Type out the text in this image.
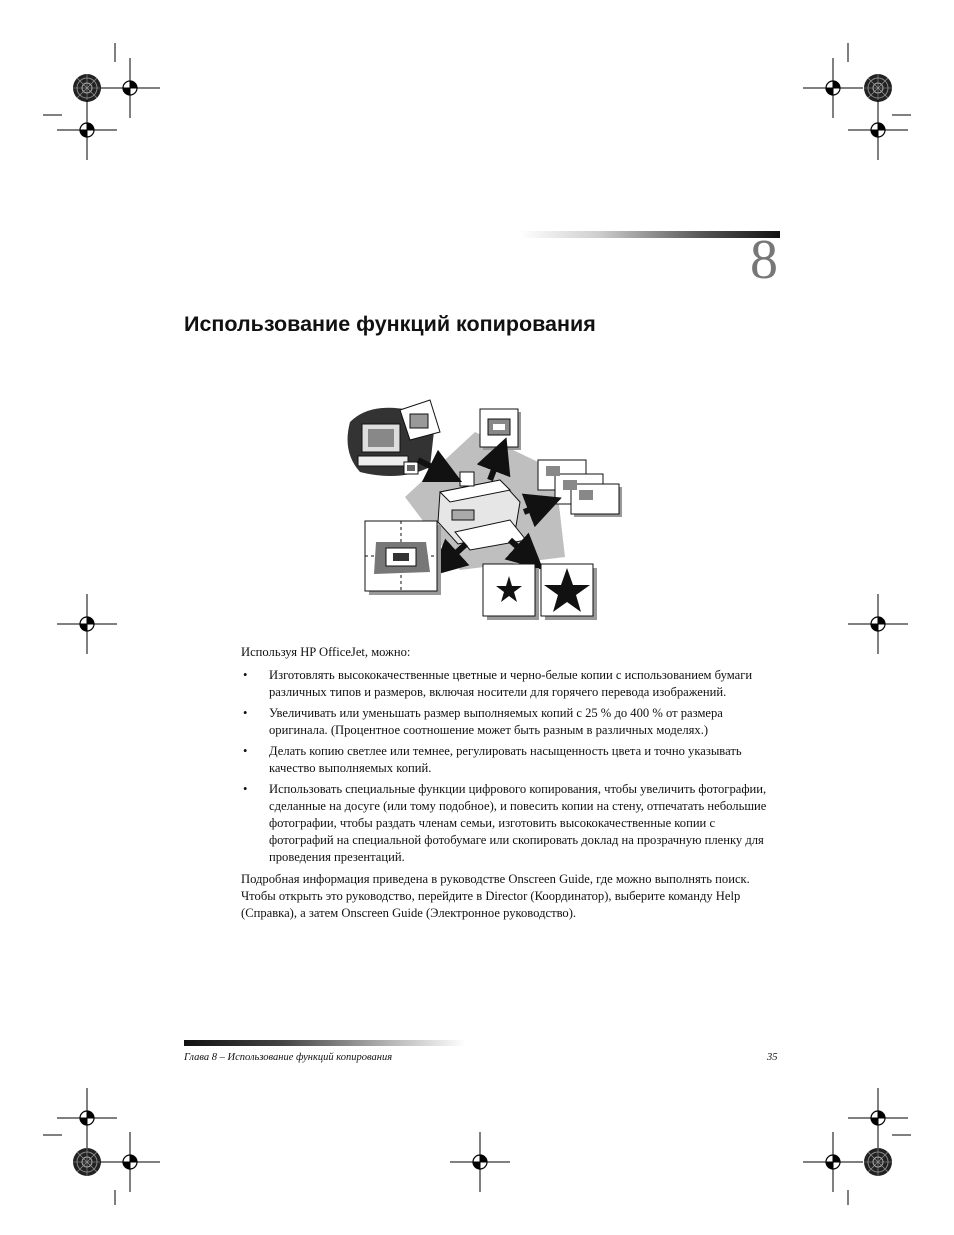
8
Использование функций копирования

Используя HP OfficeJet, можно:

• Изготовлять высококачественные цветные и черно-белые копии с использованием бумаги различных типов и размеров, включая носители для горячего перевода изображений.
• Увеличивать или уменьшать размер выполняемых копий с 25 % до 400 % от размера оригинала. (Процентное соотношение может быть разным в различных моделях.)
• Делать копию светлее или темнее, регулировать насыщенность цвета и точно указывать качество выполняемых копий.
• Использовать специальные функции цифрового копирования, чтобы увеличить фотографии, сделанные на досуге (или тому подобное), и повесить копии на стену, отпечатать небольшие фотографии, чтобы раздать членам семьи, изготовить высококачественные копии с фотографий на специальной фотобумаге или скопировать доклад на прозрачную пленку для проведения презентаций.

Подробная информация приведена в руководстве Onscreen Guide, где можно выполнять поиск. Чтобы открыть это руководство, перейдите в Director (Координатор), выберите команду Help (Справка), а затем Onscreen Guide (Электронное руководство).

Глава 8 – Использование функций копирования	35
